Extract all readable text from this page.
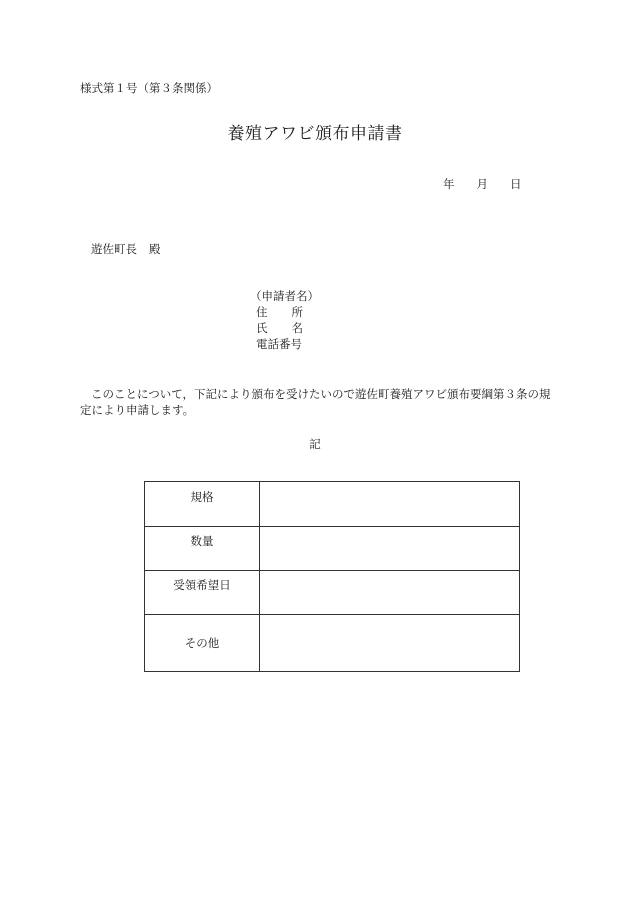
様式第１号（第３条関係）
養殖アワビ頒布申請書
年 月 日
遊佐町長 殿
（申請者名）
住 所
氏 名
電話番号
このことについて，下記により頒布を受けたいので遊佐町養殖アワビ頒布要綱第３条の規定により申請します。
記
規格	
数量	
受領希望日	
その他	
